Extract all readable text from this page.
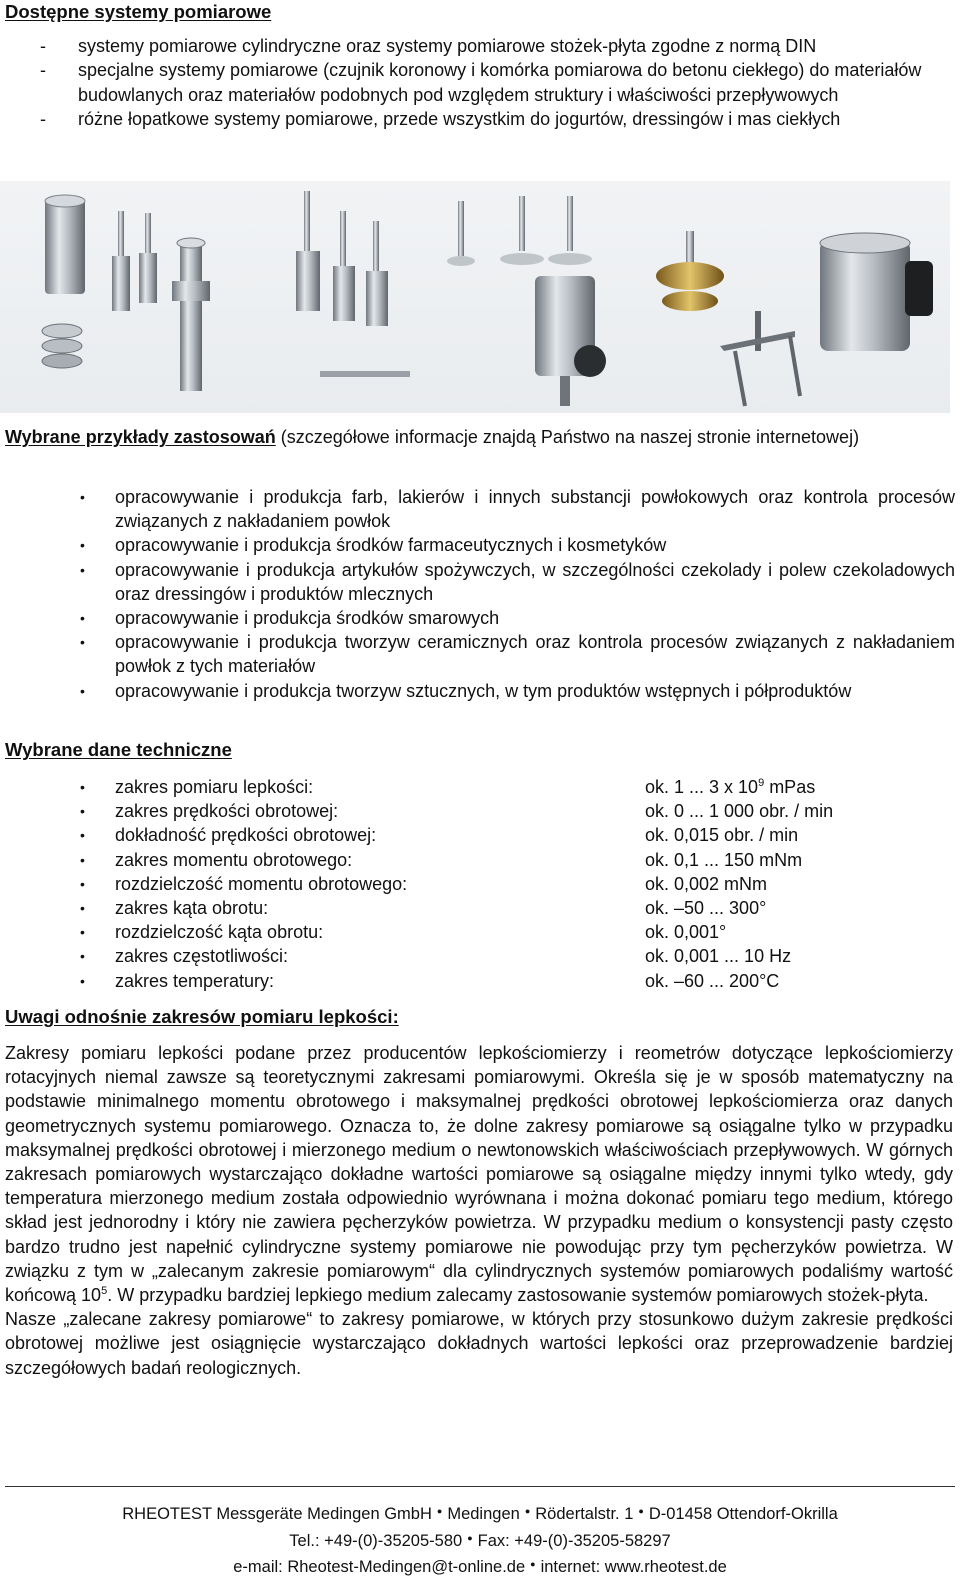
Dostępne systemy pomiarowe
- systemy pomiarowe cylindryczne oraz systemy pomiarowe stożek-płyta zgodne z normą DIN
- specjalne systemy pomiarowe (czujnik koronowy i komórka pomiarowa do betonu ciekłego) do materiałów budowlanych oraz materiałów podobnych pod względem struktury i właściwości przepływowych
- różne łopatkowe systemy pomiarowe, przede wszystkim do jogurtów, dressingów i mas ciekłych

Wybrane przykłady zastosowań (szczegółowe informacje znajdą Państwo na naszej stronie internetowej)

• opracowywanie i produkcja farb, lakierów i innych substancji powłokowych oraz kontrola procesów związanych z nakładaniem powłok
• opracowywanie i produkcja środków farmaceutycznych i kosmetyków
• opracowywanie i produkcja artykułów spożywczych, w szczególności czekolady i polew czekoladowych oraz dressingów i produktów mlecznych
• opracowywanie i produkcja środków smarowych
• opracowywanie i produkcja tworzyw ceramicznych oraz kontrola procesów związanych z nakładaniem powłok z tych materiałów
• opracowywanie i produkcja tworzyw sztucznych, w tym produktów wstępnych i półproduktów
Wybrane dane techniczne
• zakres pomiaru lepkości:	ok. 1 ... 3 x $10^9$ mPas
• zakres prędkości obrotowej:	ok. 0 ... 1 000 obr. / min
• dokładność prędkości obrotowej:	ok. 0,015 obr. / min
• zakres momentu obrotowego:	ok. 0,1 ... 150 mNm
• rozdzielczość momentu obrotowego:	ok. 0,002 mNm
• zakres kąta obrotu:	ok. –50 ... 300°
• rozdzielczość kąta obrotu:	ok. 0,001°
• zakres częstotliwości:	ok. 0,001 ... 10 Hz
• zakres temperatury:	ok. –60 ... 200°C
Uwagi odnośnie zakresów pomiaru lepkości:

Zakresy pomiaru lepkości podane przez producentów lepkościomierzy i reometrów dotyczące lepkościomierzy rotacyjnych niemal zawsze są teoretycznymi zakresami pomiarowymi. Określa się je w sposób matematyczny na podstawie minimalnego momentu obrotowego i maksymalnej prędkości obrotowej lepkościomierza oraz danych geometrycznych systemu pomiarowego. Oznacza to, że dolne zakresy pomiarowe są osiągalne tylko w przypadku maksymalnej prędkości obrotowej i mierzonego medium o newtonowskich właściwościach przepływowych. W górnych zakresach pomiarowych wystarczająco dokładne wartości pomiarowe są osiągalne między innymi tylko wtedy, gdy temperatura mierzonego medium została odpowiednio wyrównana i można dokonać pomiaru tego medium, którego skład jest jednorodny i który nie zawiera pęcherzyków powietrza. W przypadku medium o konsystencji pasty często bardzo trudno jest napełnić cylindryczne systemy pomiarowe nie powodując przy tym pęcherzyków powietrza. W związku z tym w „zalecanym zakresie pomiarowym“ dla cylindrycznych systemów pomiarowych podaliśmy wartość końcową $10^5$. W przypadku bardziej lepkiego medium zalecamy zastosowanie systemów pomiarowych stożek-płyta.

Nasze „zalecane zakresy pomiarowe“ to zakresy pomiarowe, w których przy stosunkowo dużym zakresie prędkości obrotowej możliwe jest osiągnięcie wystarczająco dokładnych wartości lepkości oraz przeprowadzenie bardziej szczegółowych badań reologicznych.

RHEOTEST Messgeräte Medingen GmbH ● Medingen ● Rödertalstr. 1 ● D-01458 Ottendorf-Okrilla
Tel.: +49-(0)-35205-580 ● Fax: +49-(0)-35205-58297
e-mail: Rheotest-Medingen@t-online.de ● internet: www.rheotest.de
